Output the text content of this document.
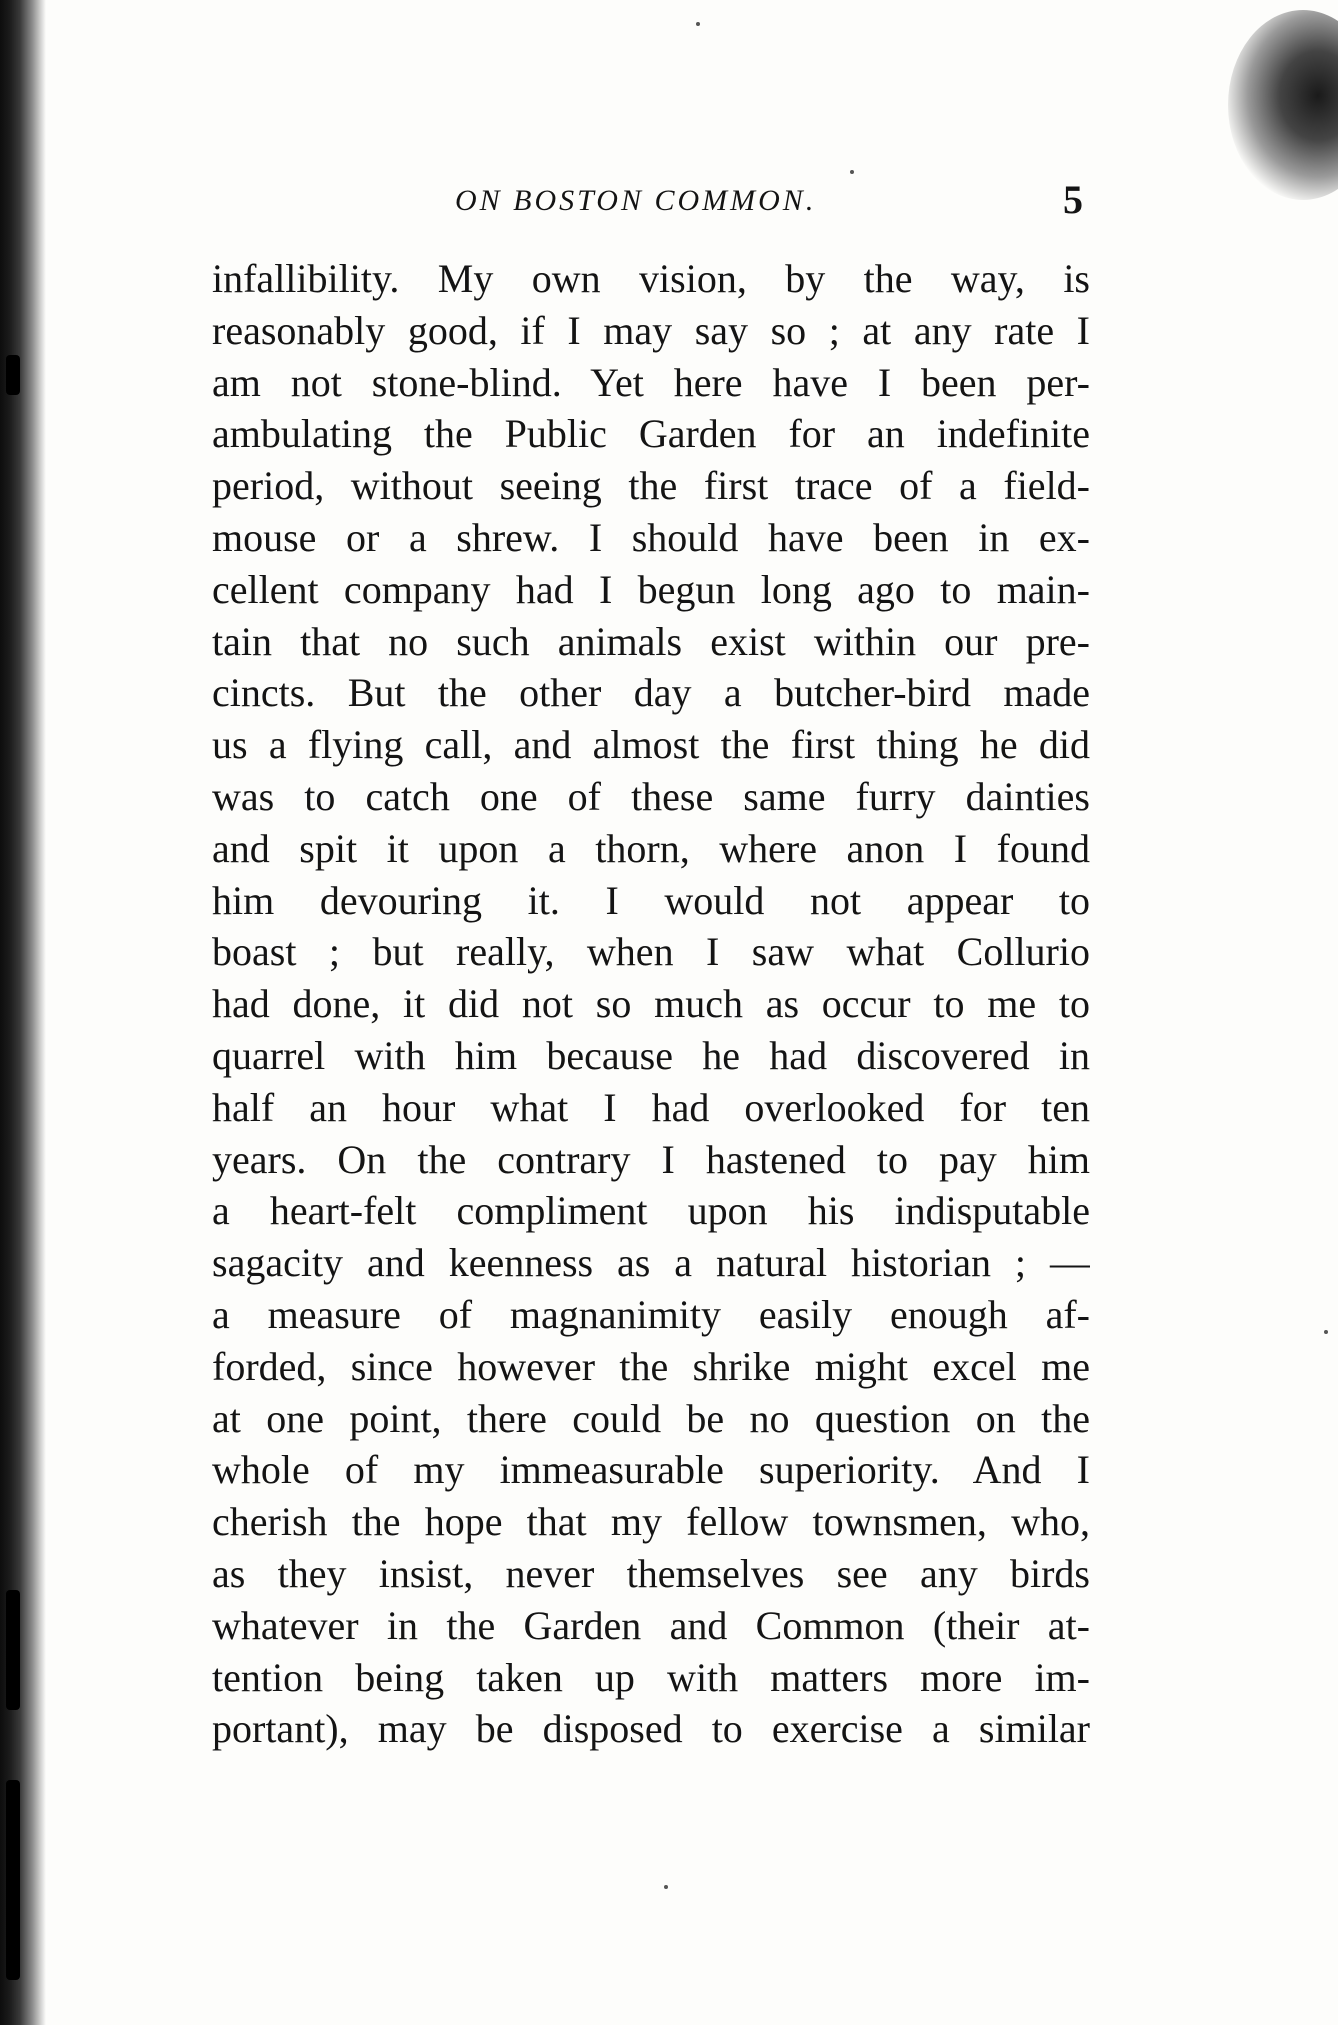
ON BOSTON COMMON.	5
infallibility. My own vision, by the way, is
reasonably good, if I may say so ; at any rate I
am not stone-blind. Yet here have I been per-
ambulating the Public Garden for an indefinite
period, without seeing the first trace of a field-
mouse or a shrew. I should have been in ex-
cellent company had I begun long ago to main-
tain that no such animals exist within our pre-
cincts. But the other day a butcher-bird made
us a flying call, and almost the first thing he did
was to catch one of these same furry dainties
and spit it upon a thorn, where anon I found
him devouring it. I would not appear to
boast ; but really, when I saw what Collurio
had done, it did not so much as occur to me to
quarrel with him because he had discovered in
half an hour what I had overlooked for ten
years. On the contrary I hastened to pay him
a heart-felt compliment upon his indisputable
sagacity and keenness as a natural historian ; —
a measure of magnanimity easily enough af-
forded, since however the shrike might excel me
at one point, there could be no question on the
whole of my immeasurable superiority. And I
cherish the hope that my fellow townsmen, who,
as they insist, never themselves see any birds
whatever in the Garden and Common (their at-
tention being taken up with matters more im-
portant), may be disposed to exercise a similar
